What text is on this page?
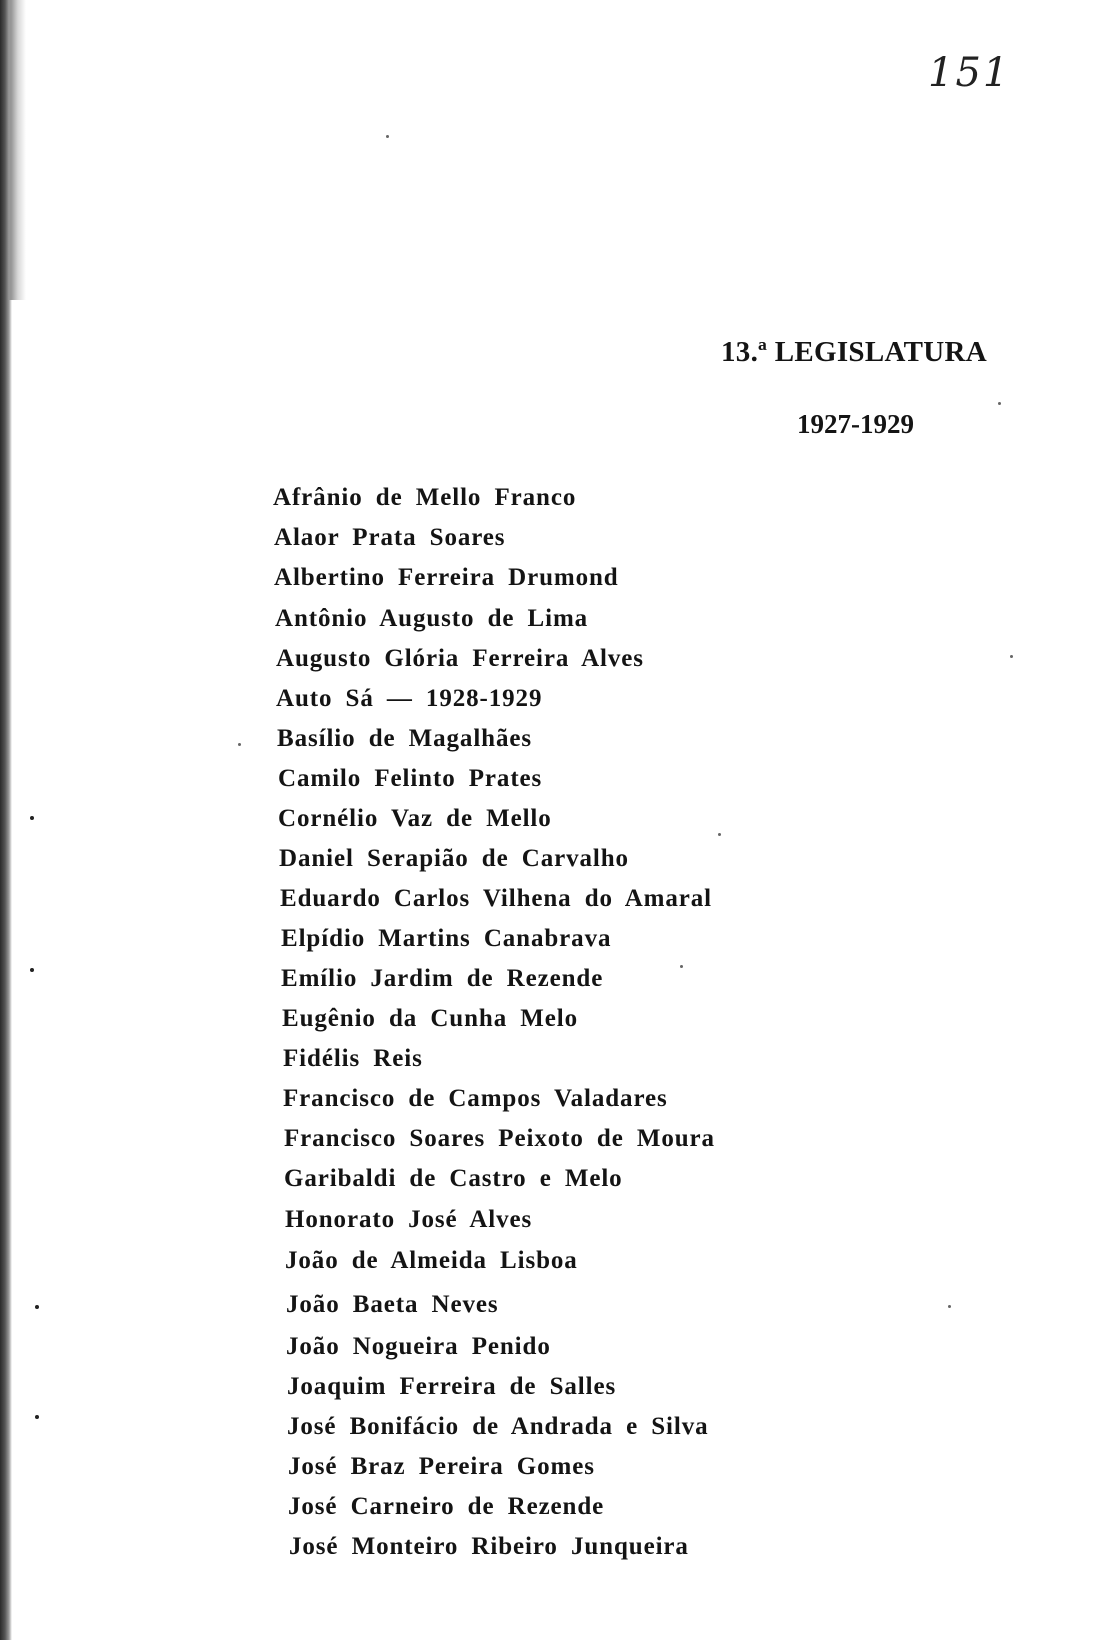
151
13.ª LEGISLATURA
1927-1929
Afrânio de Mello Franco
Alaor Prata Soares
Albertino Ferreira Drumond
Antônio Augusto de Lima
Augusto Glória Ferreira Alves
Auto Sá — 1928-1929
Basílio de Magalhães
Camilo Felinto Prates
Cornélio Vaz de Mello
Daniel Serapião de Carvalho
Eduardo Carlos Vilhena do Amaral
Elpídio Martins Canabrava
Emílio Jardim de Rezende
Eugênio da Cunha Melo
Fidélis Reis
Francisco de Campos Valadares
Francisco Soares Peixoto de Moura
Garibaldi de Castro e Melo
Honorato José Alves
João de Almeida Lisboa
João Baeta Neves
João Nogueira Penido
Joaquim Ferreira de Salles
José Bonifácio de Andrada e Silva
José Braz Pereira Gomes
José Carneiro de Rezende
José Monteiro Ribeiro Junqueira
